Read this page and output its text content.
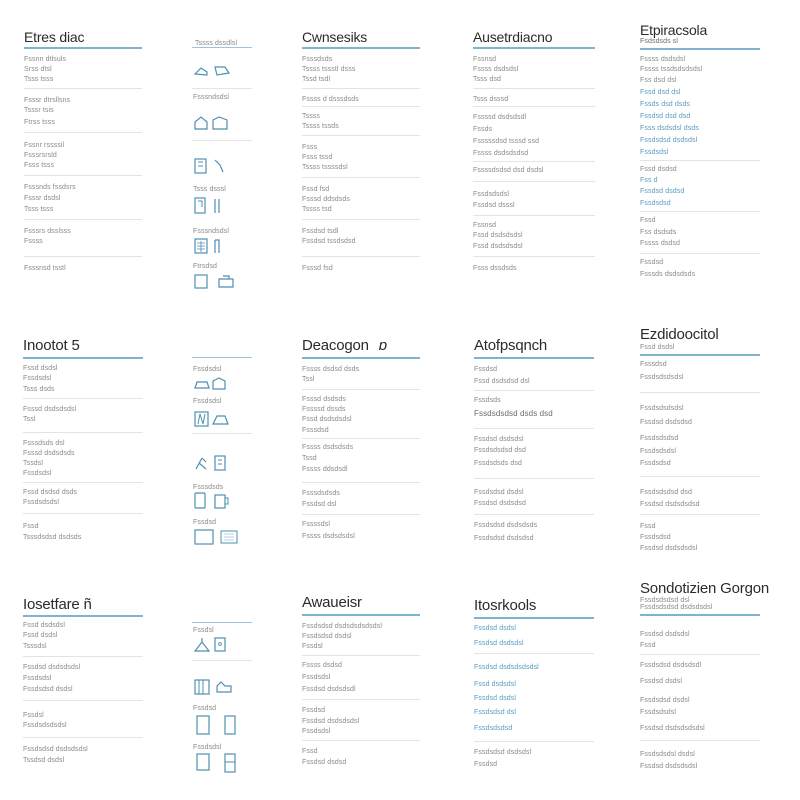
Etres diac
Fssnn dtlsuls
Srss dtsl
Tsss tsss
Fsssr dtrsllsns
Tsssr tsis
Ftrss tsss
Fssnr rssssil
Fsssrsrsld
Fsss tsss
Fsssnds fssdsrs
Fsssr dsdsl
Tsss tsss
Fsssrs dsslsss
Fssss
Fsssnsd tsstl
Tssss dssdlsl
Fsssndsdsl
Tsss dsssl
Fsssndsdsl
Ftrsdsd
Cwnsesiks
Fsssdsds
Tssss tssstl dsss
Tssd tsdl
Fssss d dsssdsds
Tssss
Tssss tssds
Fsss
Fsss tssd
Tssss tssssdsl
Fssd fsd
Fsssd ddsdsds
Tssss tsd
Fssdsd tsdl
Fssdsd tssdsdsd
Fsssd fsd
Ausetrdiacno
Fssnsd
Fssss dsdsdsl
Tsss dsd
Tsss dsssd
Fssssd dsdsdsdl
Fssds
Fsssssdsd tsssd ssd
Fssss dsdsdsdsd
Fssssdsdsd dsd dsdsl
Fssdsdsdsl
Fssdsd dsssl
Fssnsd
Fssd dsdsdsdsl
Fssd dsdsdsdsl
Fsss dssdsds
Etpiracsola
Fsdsdsds sl
Fssss dsdsdsl
Fssss tssdsdsdsdsl
Fss dsd dsl
Fssd dsd dsl
Fssds dsd dsds
Fssdsd dsd dsd
Fsss dsdsdsl dsds
Fssdsdsd dsdsdsl
Fssdsdsl
Fssd dsdsd
Fss d
Fssdsd dsdsd
Fssdsdsd
Fssd
Fss dsdsds
Fssss dsdsd
Fssdsd
Fsssds dsdsdsds
Inootot 5
Fssd dsdsl
Fssdsdsl
Tsss dsds
Fsssd dsdsdsdsl
Tssl
Fsssdsds dsl
Fsssd dsdsdsds
Tssdsl
Fssdsdsl
Fssd dsdsd dsds
Fssdsdsdsl
Fssd
Tsssdsdsd dsdsds
Fssdsdsl
Fssdsdsl
Fsssdsds
Fssdsd
Deacogon ɒ
Fssss dsdsd dsds
Tssl
Fsssd dsdsds
Fssssd dssds
Fssd dsdsdsdsl
Fsssdsd
Fssss dsdsdsds
Tssd
Fssss ddsdsdl
Fsssdsdsds
Fssdsd dsl
Fssssdsl
Fssss dsdsdsdsl
Atofpsqnch
Fssdsd
Fssd dsdsdsd dsl
Fssdsds
Fssdsdsdsd dsds dsd
Fssdsd dsdsdsl
Fssdsdsdsd dsd
Fssdsdsds dsd
Fssdsdsd dsdsl
Fssdsd dsdsdsd
Fssdsdsd dsdsdsds
Fssdsdsd dsdsdsd
Ezdidoocitol
Fssd dsdsl
Fsssdsd
Fssdsdsdsdsl
Fssdsdsdsdsl
Fssdsd dsdsdsd
Fssdsdsdsd
Fssdsdsdsl
Fssdsdsd
Fssdsdsdsd dsd
Fssdsd dsdsdsdsd
Fssd
Fssdsdsd
Fssdsd dsdsdsdsl
Iosetfare ñ
Fssd dsdsdsl
Fssd dsdsl
Tsssdsl
Fssdsd dsdsdsdsl
Fssdsdsl
Fssdsdsd dsdsl
Fssdsl
Fssdsdsdsdsl
Fssdsdsd dsdsdsdsl
Tssdsd dsdsl
Fssdsl
Fssdsd
Fssdsdsl
Awaueisr
Fssdsdsd dsdsdsdsdsdsl
Fssdsdsd dsdsl
Fssdsl
Fssss dsdsd
Fssdsdsl
Fssdsd dsdsdsdl
Fssdsd
Fssdsd dsdsdsdsl
Fssdsdsl
Fssd
Fssdsd dsdsd
Itosrkools
Fssdsd dsdsl
Fssdsd dsdsdsl
Fssdsd dsdsdsdsdsl
Fssd dsdsdsl
Fssdsd dsdsl
Fssdsdsd dsl
Fssdsdsdsd
Fssdsdsd dsdsdsl
Fssdsd
Sondotizien Gorgon
Fssdsdsdsd dsl
Fssdsdsdsd dsdsdsdsl
Fssdsd dsdsdsl
Fssd
Fssdsdsd dsdsdsdl
Fssdsd dsdsl
Fssdsdsd dsdsl
Fssdsdsdsl
Fssdsd dsdsdsdsdsl
Fssdsdsdsl dsdsl
Fssdsd dsdsdsdsl
